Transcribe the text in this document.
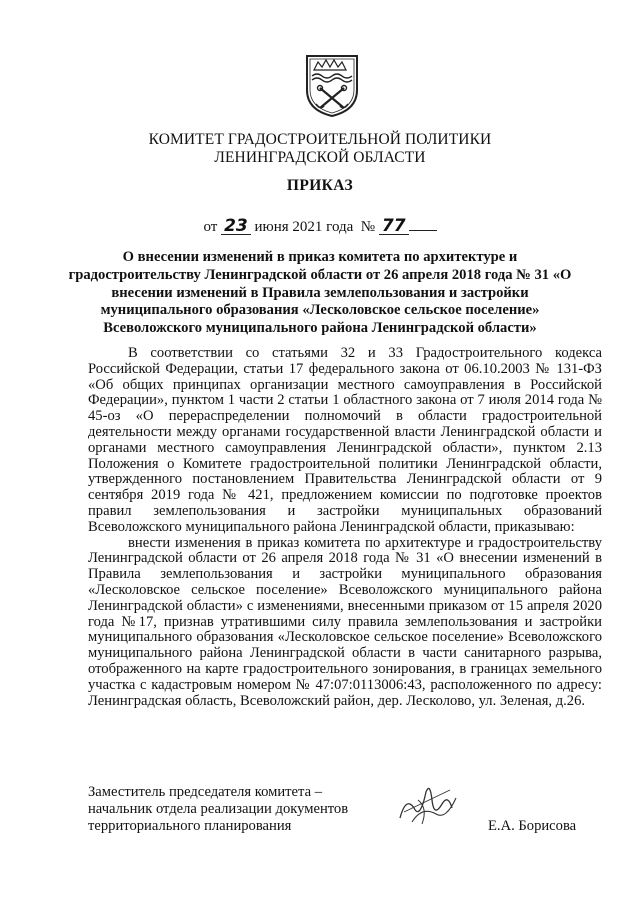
КОМИТЕТ ГРАДОСТРОИТЕЛЬНОЙ ПОЛИТИКИ
ЛЕНИНГРАДСКОЙ ОБЛАСТИ
ПРИКАЗ
от 23 июня 2021 года № 77
О внесении изменений в приказ комитета по архитектуре и градостроительству Ленинградской области от 26 апреля 2018 года № 31 «О внесении изменений в Правила землепользования и застройки муниципального образования «Лесколовское сельское поселение» Всеволожского муниципального района Ленинградской области»

В соответствии со статьями 32 и 33 Градостроительного кодекса Российской Федерации, статьи 17 федерального закона от 06.10.2003 № 131-ФЗ «Об общих принципах организации местного самоуправления в Российской Федерации», пунктом 1 части 2 статьи 1 областного закона от 7 июля 2014 года № 45-оз «О перераспределении полномочий в области градостроительной деятельности между органами государственной власти Ленинградской области и органами местного самоуправления Ленинградской области», пунктом 2.13 Положения о Комитете градостроительной политики Ленинградской области, утвержденного постановлением Правительства Ленинградской области от 9 сентября 2019 года № 421, предложением комиссии по подготовке проектов правил землепользования и застройки муниципальных образований Всеволожского муниципального района Ленинградской области, приказываю:

внести изменения в приказ комитета по архитектуре и градостроительству Ленинградской области от 26 апреля 2018 года № 31 «О внесении изменений в Правила землепользования и застройки муниципального образования «Лесколовское сельское поселение» Всеволожского муниципального района Ленинградской области» с изменениями, внесенными приказом от 15 апреля 2020 года №17, признав утратившими силу правила землепользования и застройки муниципального образования «Лесколовское сельское поселение» Всеволожского муниципального района Ленинградской области в части санитарного разрыва, отображенного на карте градостроительного зонирования, в границах земельного участка с кадастровым номером № 47:07:0113006:43, расположенного по адресу: Ленинградская область, Всеволожский район, дер. Лесколово, ул. Зеленая, д.26.

Заместитель председателя комитета –
начальник отдела реализации документов
территориального планирования	Е.А. Борисова
